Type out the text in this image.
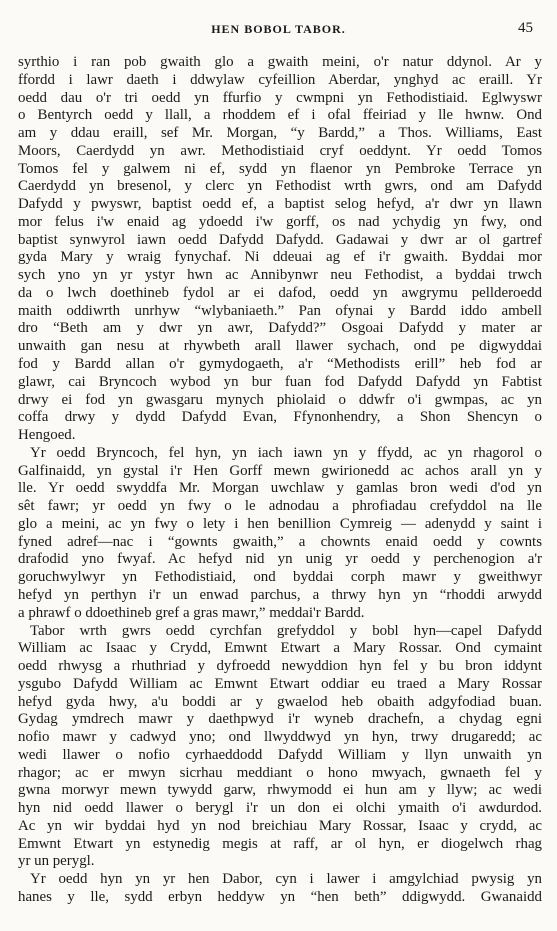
HEN BOBOL TABOR.	45
syrthio i ran pob gwaith glo a gwaith meini, o'r natur ddynol. Ar y
ffordd i lawr daeth i ddwylaw cyfeillion Aberdar, ynghyd ac eraill. Yr
oedd dau o'r tri oedd yn ffurfio y cwmpni yn Fethodistiaid. Eglwyswr
o Bentyrch oedd y llall, a rhoddem ef i ofal ffeiriad y lle hwnw. Ond
am y ddau eraill, sef Mr. Morgan, “y Bardd,” a Thos. Williams, East
Moors, Caerdydd yn awr. Methodistiaid cryf oeddynt. Yr oedd Tomos
Tomos fel y galwem ni ef, sydd yn flaenor yn Pembroke Terrace yn
Caerdydd yn bresenol, y clerc yn Fethodist wrth gwrs, ond am Dafydd
Dafydd y pwyswr, baptist oedd ef, a baptist selog hefyd, a'r dwr yn llawn
mor felus i'w enaid ag ydoedd i'w gorff, os nad ychydig yn fwy, ond
baptist synwyrol iawn oedd Dafydd Dafydd. Gadawai y dwr ar ol gartref
gyda Mary y wraig fynychaf. Ni ddeuai ag ef i'r gwaith. Byddai mor
sych yno yn yr ystyr hwn ac Annibynwr neu Fethodist, a byddai trwch
da o lwch doethineb fydol ar ei dafod, oedd yn awgrymu pellderoedd
maith oddiwrth unrhyw “wlybaniaeth.” Pan ofynai y Bardd iddo ambell
dro “Beth am y dwr yn awr, Dafydd?” Osgoai Dafydd y mater ar
unwaith gan nesu at rhywbeth arall llawer sychach, ond pe digwyddai
fod y Bardd allan o'r gymydogaeth, a'r “Methodists erill” heb fod ar
glawr, cai Bryncoch wybod yn bur fuan fod Dafydd Dafydd yn Fabtist
drwy ei fod yn gwasgaru mynych phiolaid o ddwfr o'i gwmpas, ac yn
coffa drwy y dydd Dafydd Evan, Ffynonhendry, a Shon Shencyn o
Hengoed.
Yr oedd Bryncoch, fel hyn, yn iach iawn yn y ffydd, ac yn rhagorol o
Galfinaidd, yn gystal i'r Hen Gorff mewn gwirionedd ac achos arall yn y
lle. Yr oedd swyddfa Mr. Morgan uwchlaw y gamlas bron wedi d'od yn
sêt fawr; yr oedd yn fwy o le adnodau a phrofiadau crefyddol na lle
glo a meini, ac yn fwy o lety i hen benillion Cymreig — adenydd y saint i
fyned adref—nac i “gownts gwaith,” a chownts enaid oedd y cownts
drafodid yno fwyaf. Ac hefyd nid yn unig yr oedd y perchenogion a'r
goruchwylwyr yn Fethodistiaid, ond byddai corph mawr y gweithwyr
hefyd yn perthyn i'r un enwad parchus, a thrwy hyn yn “rhoddi arwydd
a phrawf o ddoethineb gref a gras mawr,” meddai'r Bardd.
Tabor wrth gwrs oedd cyrchfan grefyddol y bobl hyn—capel Dafydd
William ac Isaac y Crydd, Emwnt Etwart a Mary Rossar. Ond cymaint
oedd rhwysg a rhuthriad y dyfroedd newyddion hyn fel y bu bron iddynt
ysgubo Dafydd William ac Emwnt Etwart oddiar eu traed a Mary Rossar
hefyd gyda hwy, a'u boddi ar y gwaelod heb obaith adgyfodiad buan.
Gydag ymdrech mawr y daethpwyd i'r wyneb drachefn, a chydag egni
nofio mawr y cadwyd yno; ond llwyddwyd yn hyn, trwy drugaredd; ac
wedi llawer o nofio cyrhaeddodd Dafydd William y llyn unwaith yn
rhagor; ac er mwyn sicrhau meddiant o hono mwyach, gwnaeth fel y
gwna morwyr mewn tywydd garw, rhwymodd ei hun am y llyw; ac wedi
hyn nid oedd llawer o berygl i'r un don ei olchi ymaith o'i awdurdod.
Ac yn wir byddai hyd yn nod breichiau Mary Rossar, Isaac y crydd, ac
Emwnt Etwart yn estynedig megis at raff, ar ol hyn, er diogelwch rhag
yr un perygl.
Yr oedd hyn yn yr hen Dabor, cyn i lawer i amgylchiad pwysig yn
hanes y lle, sydd erbyn heddyw yn “hen beth” ddigwydd. Gwanaidd
